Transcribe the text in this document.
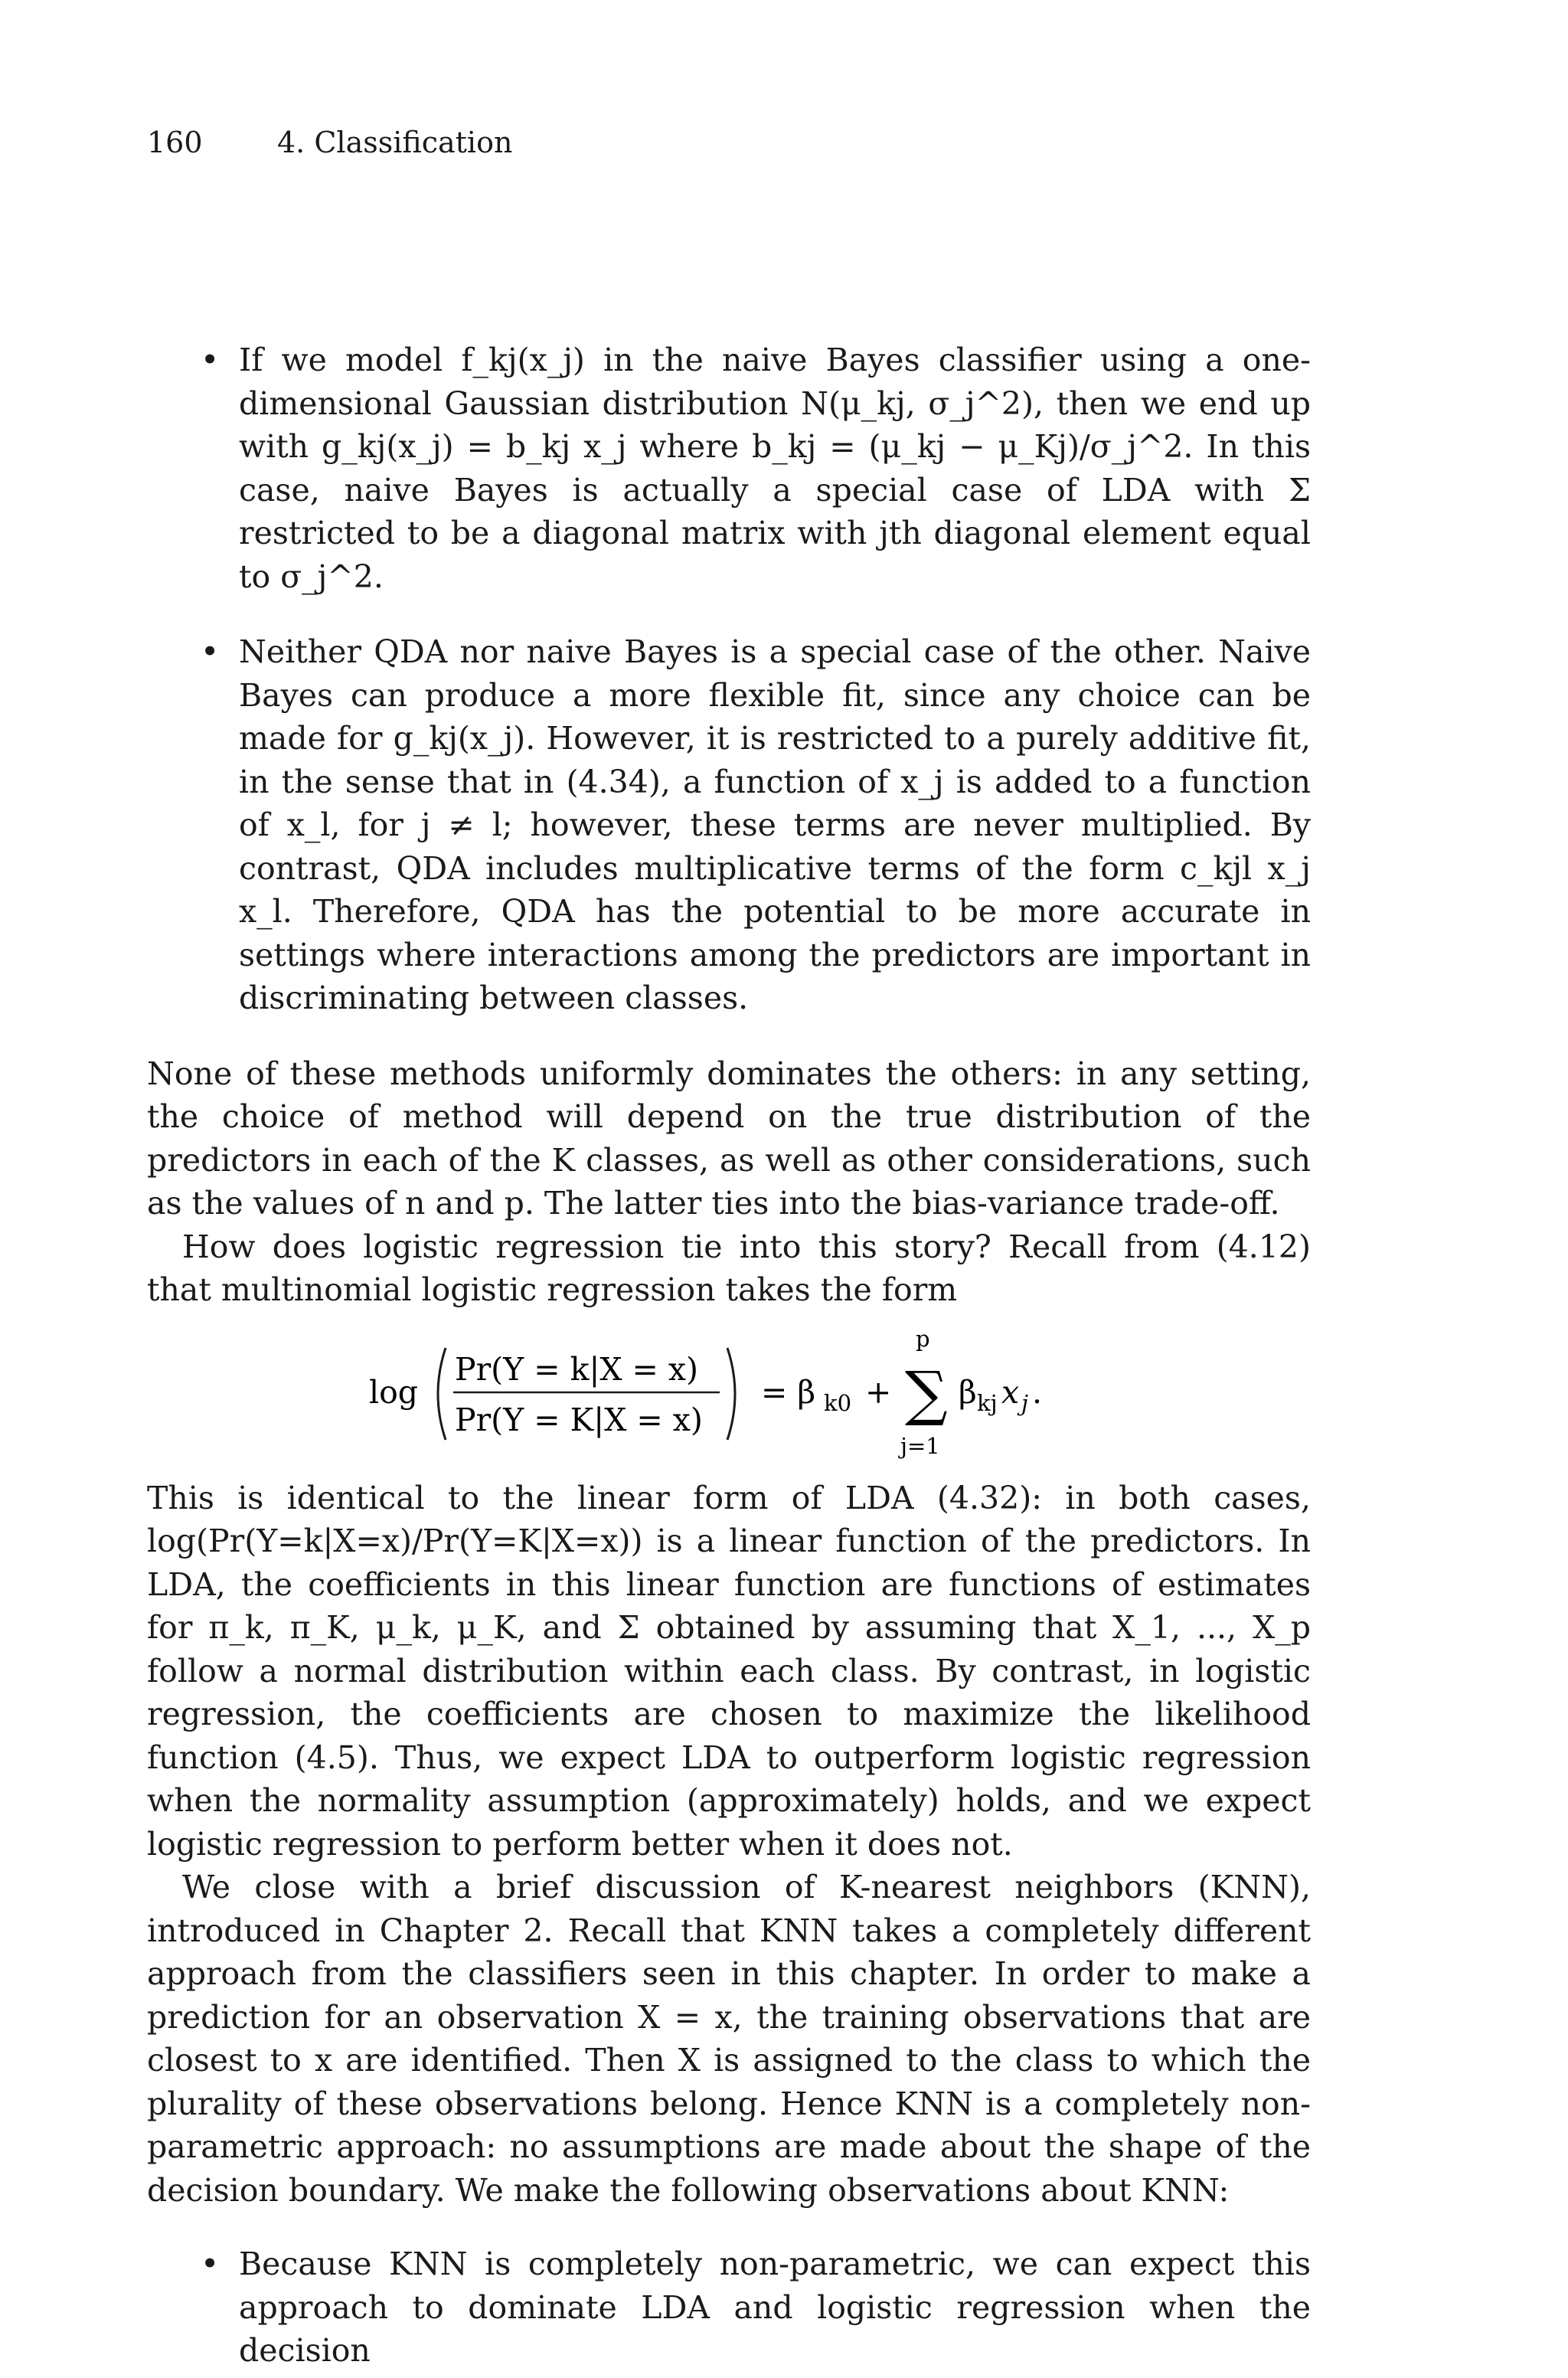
160	4. Classification
• If we model f_kj(x_j) in the naive Bayes classifier using a one-dimensional Gaussian distribution N(μ_kj, σ_j^2), then we end up with g_kj(x_j) = b_kj x_j where b_kj = (μ_kj − μ_Kj)/σ_j^2. In this case, naive Bayes is actually a special case of LDA with Σ restricted to be a diagonal matrix with jth diagonal element equal to σ_j^2.
• Neither QDA nor naive Bayes is a special case of the other. Naive Bayes can produce a more flexible fit, since any choice can be made for g_kj(x_j). However, it is restricted to a purely additive fit, in the sense that in (4.34), a function of x_j is added to a function of x_l, for j ≠ l; however, these terms are never multiplied. By contrast, QDA includes multiplicative terms of the form c_kjl x_j x_l. Therefore, QDA has the potential to be more accurate in settings where interactions among the predictors are important in discriminating between classes.

None of these methods uniformly dominates the others: in any setting, the choice of method will depend on the true distribution of the predictors in each of the K classes, as well as other considerations, such as the values of n and p. The latter ties into the bias-variance trade-off.

How does logistic regression tie into this story? Recall from (4.12) that multinomial logistic regression takes the form

log
Pr(Y = k|X = x)
Pr(Y = K|X = x)
= β k0 +
p
∑
j=1
β kj x j .

This is identical to the linear form of LDA (4.32): in both cases, log(Pr(Y=k|X=x)/Pr(Y=K|X=x)) is a linear function of the predictors. In LDA, the coefficients in this linear function are functions of estimates for π_k, π_K, μ_k, μ_K, and Σ obtained by assuming that X_1, ..., X_p follow a normal distribution within each class. By contrast, in logistic regression, the coefficients are chosen to maximize the likelihood function (4.5). Thus, we expect LDA to outperform logistic regression when the normality assumption (approximately) holds, and we expect logistic regression to perform better when it does not.

We close with a brief discussion of K-nearest neighbors (KNN), introduced in Chapter 2. Recall that KNN takes a completely different approach from the classifiers seen in this chapter. In order to make a prediction for an observation X = x, the training observations that are closest to x are identified. Then X is assigned to the class to which the plurality of these observations belong. Hence KNN is a completely non-parametric approach: no assumptions are made about the shape of the decision boundary. We make the following observations about KNN:

• Because KNN is completely non-parametric, we can expect this approach to dominate LDA and logistic regression when the decision
